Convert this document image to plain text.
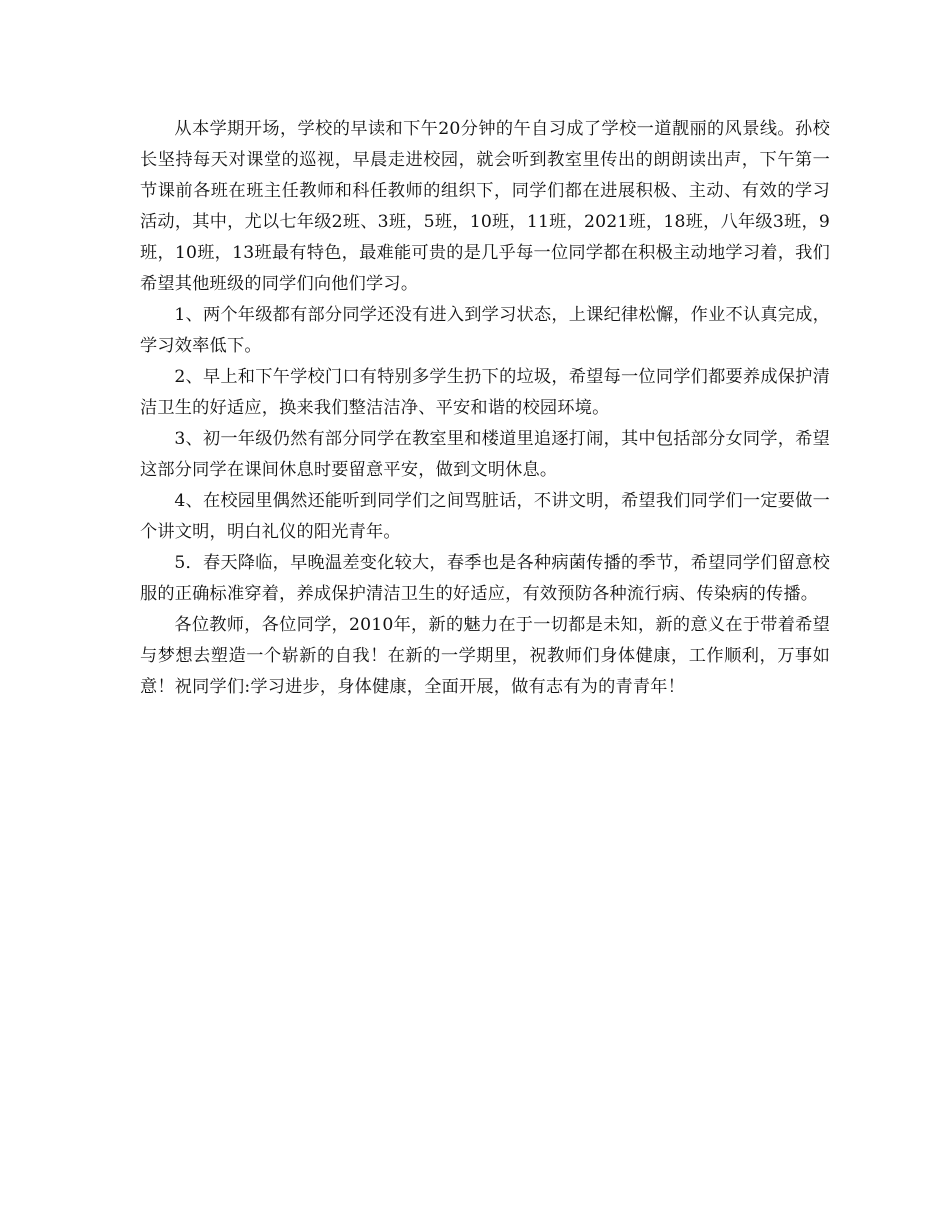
从本学期开场，学校的早读和下午20分钟的午自习成了学校一道靓丽的风景线。孙校长坚持每天对课堂的巡视，早晨走进校园，就会听到教室里传出的朗朗读出声，下午第一节课前各班在班主任教师和科任教师的组织下，同学们都在进展积极、主动、有效的学习活动，其中，尤以七年级2班、3班，5班，10班，11班，2021班，18班，八年级3班，9班，10班，13班最有特色，最难能可贵的是几乎每一位同学都在积极主动地学习着，我们希望其他班级的同学们向他们学习。

1、两个年级都有部分同学还没有进入到学习状态，上课纪律松懈，作业不认真完成，学习效率低下。

2、早上和下午学校门口有特别多学生扔下的垃圾，希望每一位同学们都要养成保护清洁卫生的好适应，换来我们整洁洁净、平安和谐的校园环境。

3、初一年级仍然有部分同学在教室里和楼道里追逐打闹，其中包括部分女同学，希望这部分同学在课间休息时要留意平安，做到文明休息。

4、在校园里偶然还能听到同学们之间骂脏话，不讲文明，希望我们同学们一定要做一个讲文明，明白礼仪的阳光青年。

5．春天降临，早晚温差变化较大，春季也是各种病菌传播的季节，希望同学们留意校服的正确标准穿着，养成保护清洁卫生的好适应，有效预防各种流行病、传染病的传播。

各位教师，各位同学，2010年，新的魅力在于一切都是未知，新的意义在于带着希望与梦想去塑造一个崭新的自我！在新的一学期里，祝教师们身体健康，工作顺利，万事如意！祝同学们:学习进步，身体健康，全面开展，做有志有为的青青年！
